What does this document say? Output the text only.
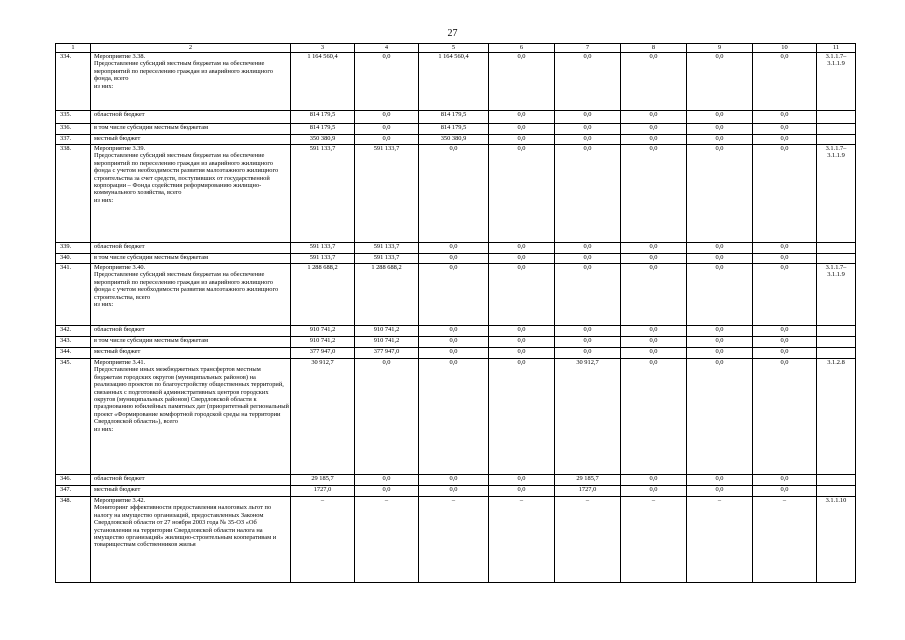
27
1	2	3	4	5	6	7	8	9	10	11
334.	Мероприятие 3.38.
Предоставление субсидий местным бюджетам на обеспечение мероприятий по переселению граждан из аварийного жилищного фонда, всего
из них:	1 164 560,4	0,0	1 164 560,4	0,0	0,0	0,0	0,0	0,0	3.1.1.7–3.1.1.9
335.	областной бюджет	814 179,5	0,0	814 179,5	0,0	0,0	0,0	0,0	0,0	
336.	в том числе субсидии местным бюджетам	814 179,5	0,0	814 179,5	0,0	0,0	0,0	0,0	0,0	
337.	местный бюджет	350 380,9	0,0	350 380,9	0,0	0,0	0,0	0,0	0,0	
338.	Мероприятие 3.39.
Предоставление субсидий местным бюджетам на обеспечение мероприятий по переселению граждан из аварийного жилищного фонда с учетом необходимости развития малоэтажного жилищного строительства за счет средств, поступивших от государственной корпорации – Фонда содействия реформированию жилищно-коммунального хозяйства, всего
из них:	591 133,7	591 133,7	0,0	0,0	0,0	0,0	0,0	0,0	3.1.1.7–3.1.1.9
339.	областной бюджет	591 133,7	591 133,7	0,0	0,0	0,0	0,0	0,0	0,0	
340.	в том числе субсидии местным бюджетам	591 133,7	591 133,7	0,0	0,0	0,0	0,0	0,0	0,0	
341.	Мероприятие 3.40.
Предоставление субсидий местным бюджетам на обеспечение мероприятий по переселению граждан из аварийного жилищного фонда с учетом необходимости развития малоэтажного жилищного строительства, всего
из них:	1 288 688,2	1 288 688,2	0,0	0,0	0,0	0,0	0,0	0,0	3.1.1.7–3.1.1.9
342.	областной бюджет	910 741,2	910 741,2	0,0	0,0	0,0	0,0	0,0	0,0	
343.	в том числе субсидии местным бюджетам	910 741,2	910 741,2	0,0	0,0	0,0	0,0	0,0	0,0	
344.	местный бюджет	377 947,0	377 947,0	0,0	0,0	0,0	0,0	0,0	0,0	
345.	Мероприятие 3.41.
Предоставление иных межбюджетных трансфертов местным бюджетам городских округов (муниципальных районов) на реализацию проектов по благоустройству общественных территорий, связанных с подготовкой административных центров городских округов (муниципальных районов) Свердловской области к празднованию юбилейных памятных дат (приоритетный региональный проект «Формирование комфортной городской среды на территории Свердловской области»), всего
из них:	30 912,7	0,0	0,0	0,0	30 912,7	0,0	0,0	0,0	3.1.2.8
346.	областной бюджет	29 185,7	0,0	0,0	0,0	29 185,7	0,0	0,0	0,0	
347.	местный бюджет	1727,0	0,0	0,0	0,0	1727,0	0,0	0,0	0,0	
348.	Мероприятие 3.42.
Мониторинг эффективности предоставления налоговых льгот по налогу на имущество организаций, предоставленных Законом Свердловской области от 27 ноября 2003 года № 35-ОЗ «Об установлении на территории Свердловской области налога на имущество организаций» жилищно-строительным кооперативам и товариществам собственников жилья	–	–	–	–	–	–	–	–	3.1.1.10
